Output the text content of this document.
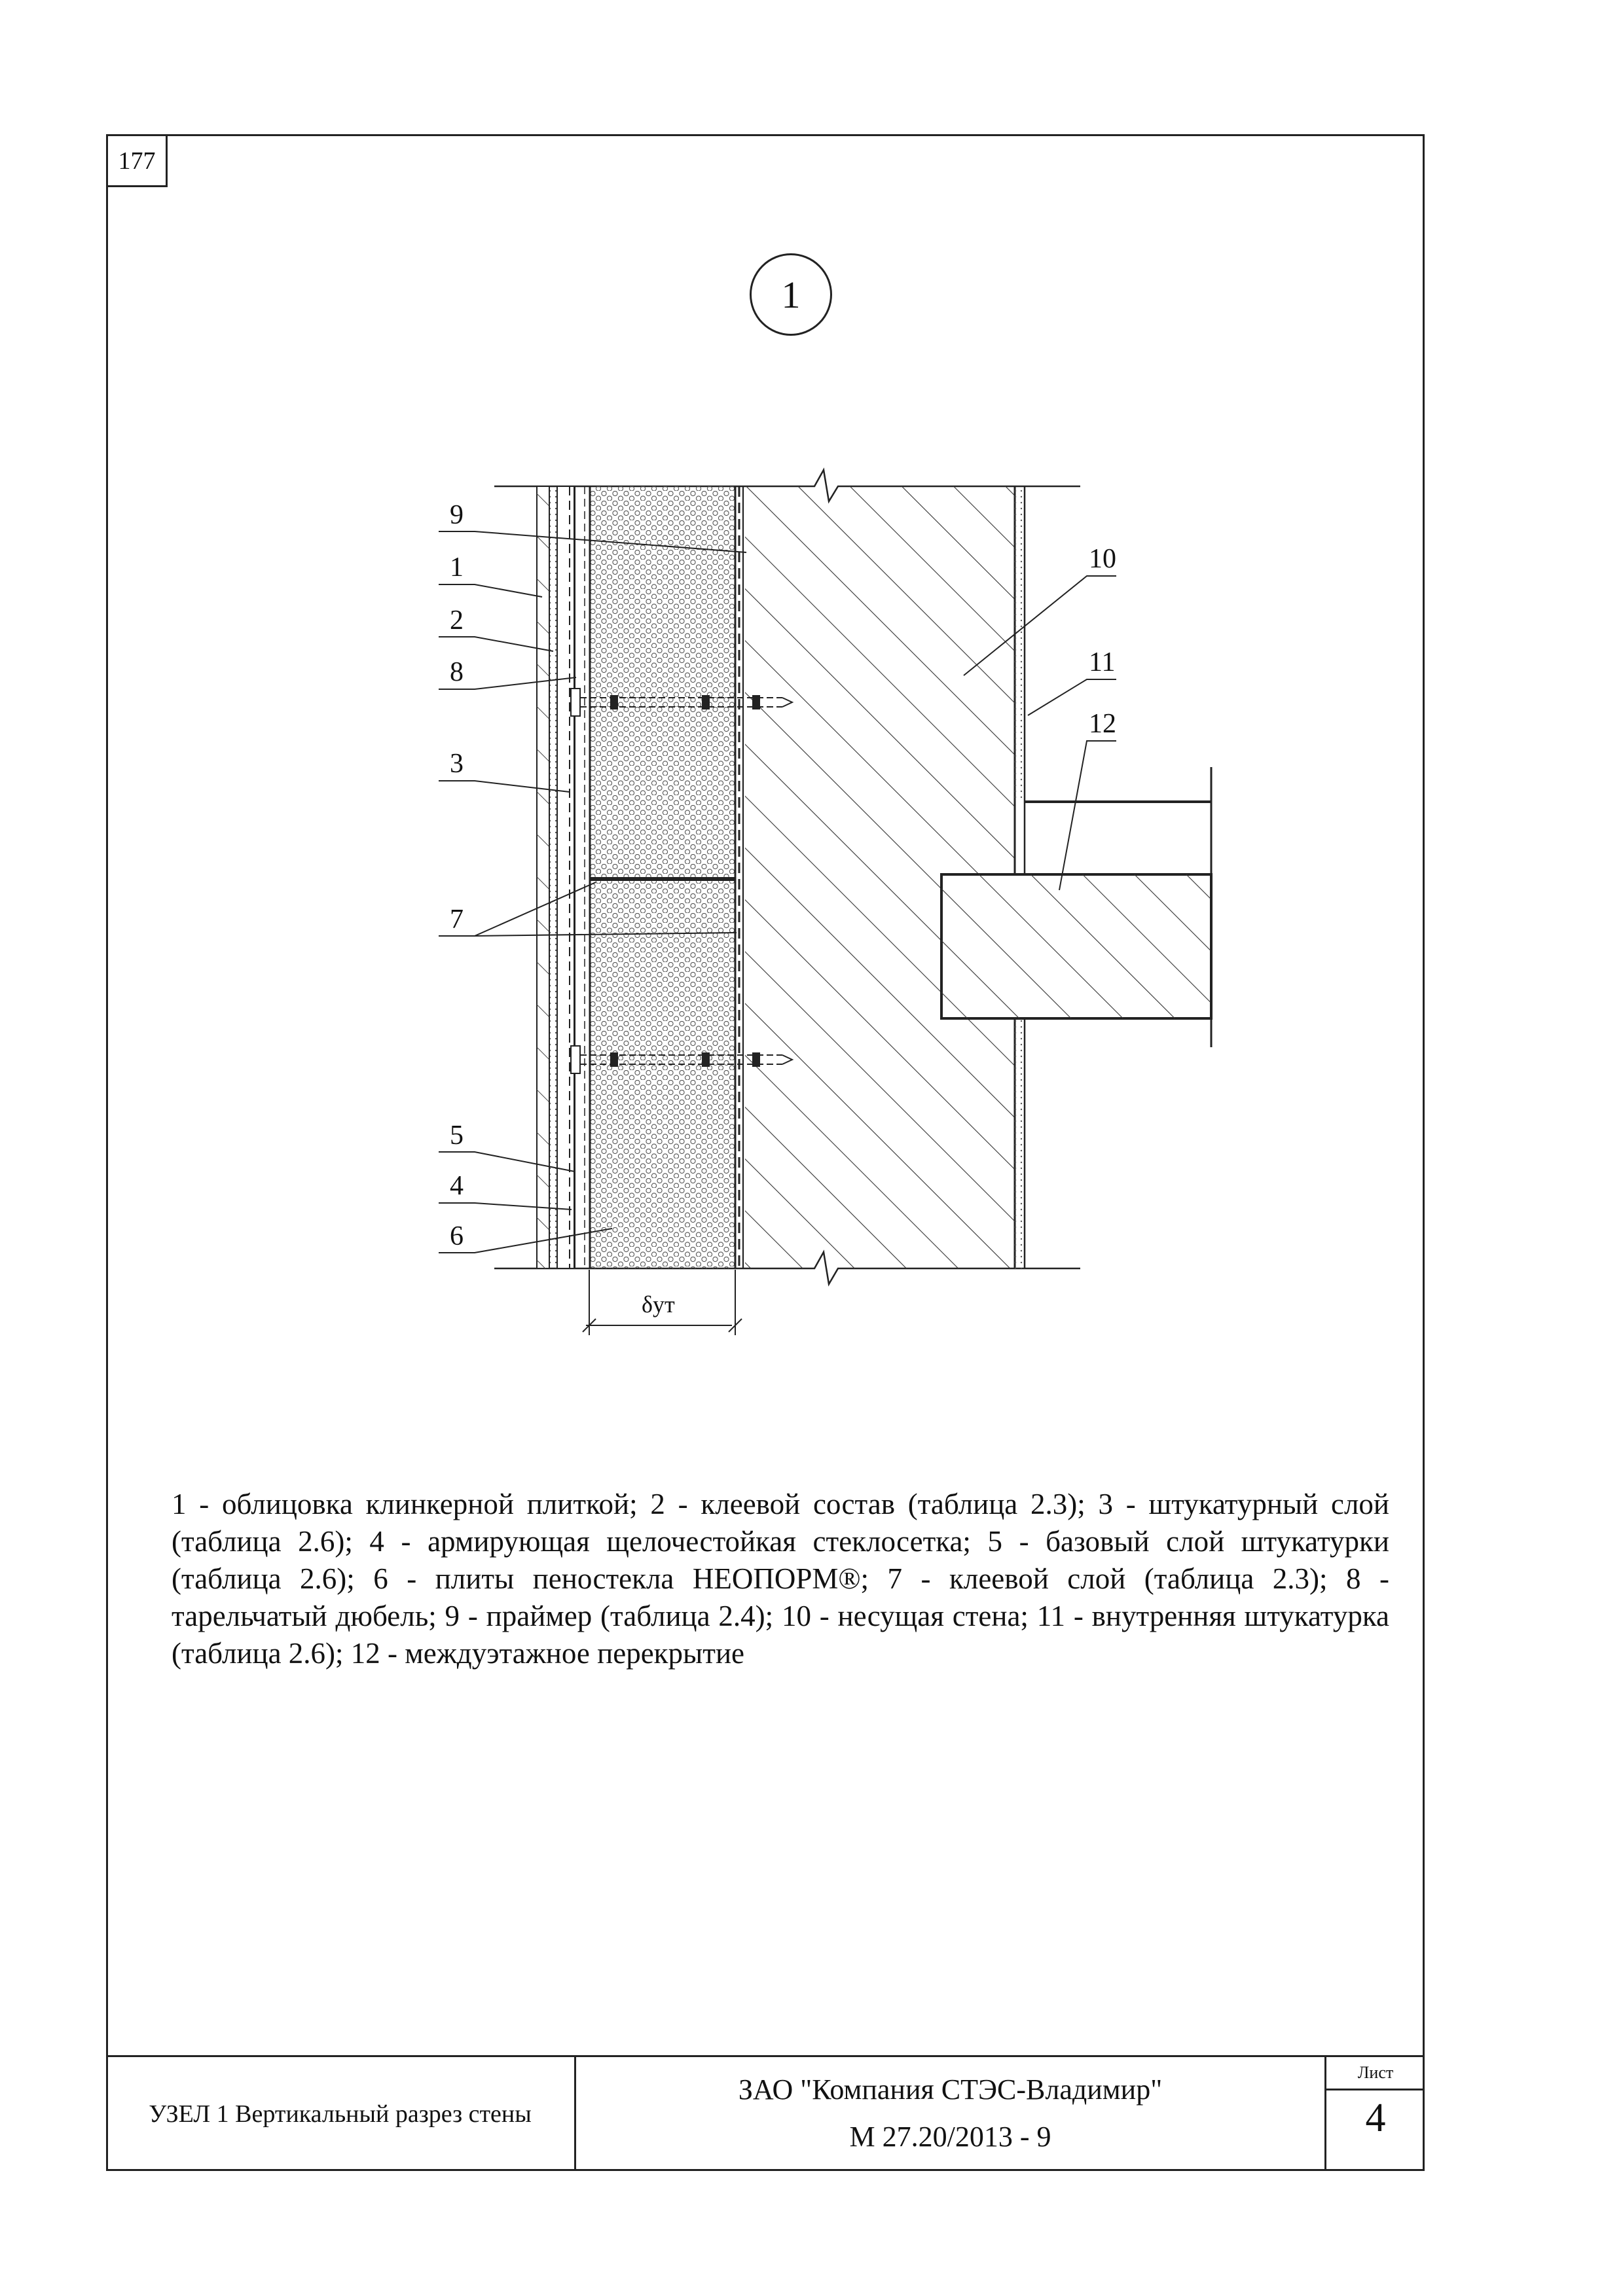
177
1
9
1
2
8
3
7
5
4
6
10
11
12
δут
1 - облицовка клинкерной плиткой; 2 - клеевой состав (таблица 2.3); 3 - штукатурный слой (таблица 2.6); 4 - армирующая щелочестойкая стеклосетка; 5 - базовый слой штукатурки (таблица 2.6); 6 - плиты пеностекла НЕОПОРМ®; 7 - клеевой слой (таблица 2.3); 8 - тарельчатый дюбель; 9 - праймер (таблица 2.4); 10 - несущая стена; 11 - внутренняя штукатурка (таблица 2.6); 12 - междуэтажное перекрытие
УЗЕЛ 1 Вертикальный разрез стены
ЗАО "Компания СТЭС-Владимир"
М 27.20/2013 - 9
Лист
4
